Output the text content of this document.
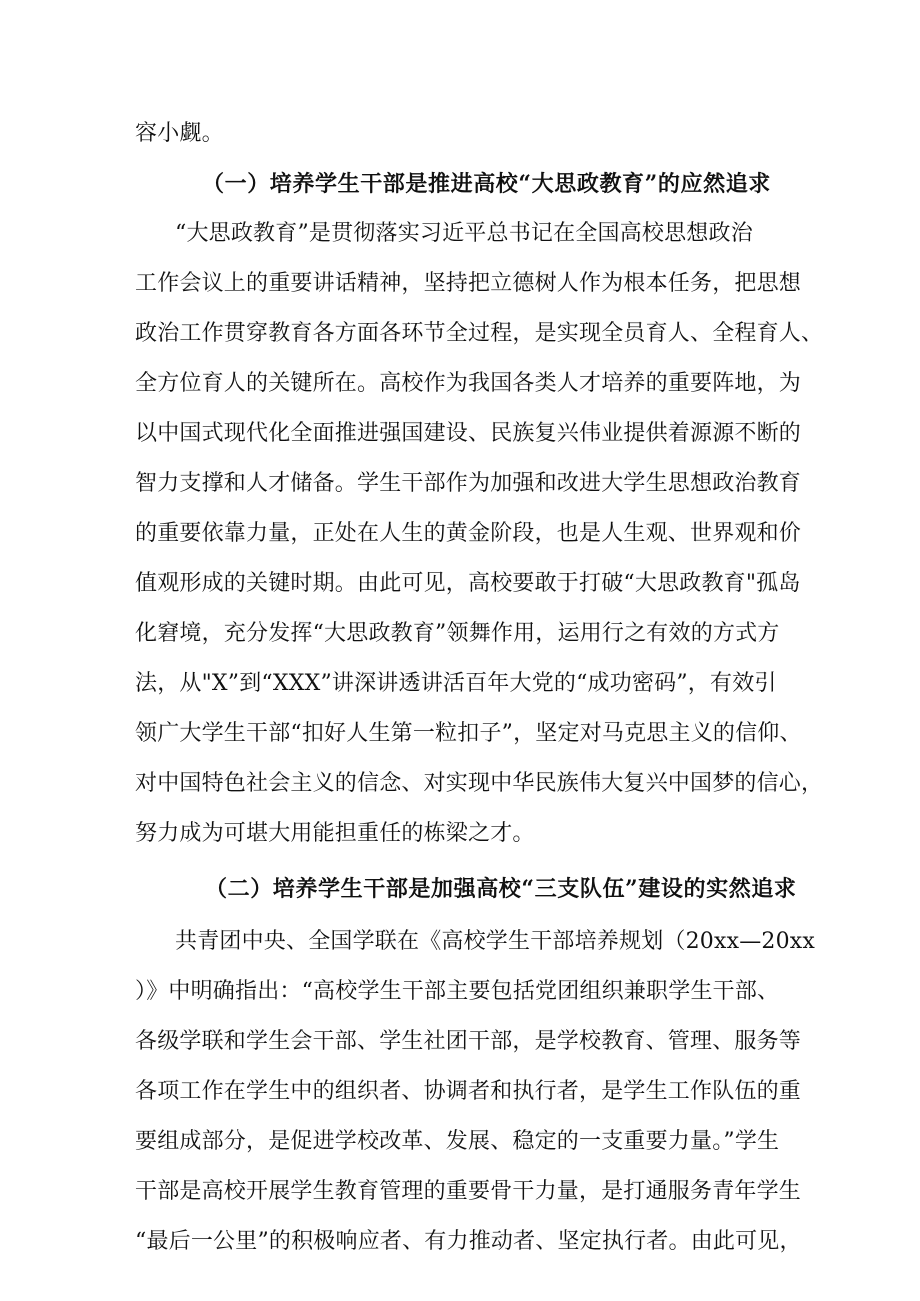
容小觑。
（一）培养学生干部是推进高校“大思政教育”的应然追求
“大思政教育”是贯彻落实习近平总书记在全国高校思想政治
工作会议上的重要讲话精神，坚持把立德树人作为根本任务，把思想
政治工作贯穿教育各方面各环节全过程，是实现全员育人、全程育人、
全方位育人的关键所在。高校作为我国各类人才培养的重要阵地，为
以中国式现代化全面推进强国建设、民族复兴伟业提供着源源不断的
智力支撑和人才储备。学生干部作为加强和改进大学生思想政治教育
的重要依靠力量，正处在人生的黄金阶段，也是人生观、世界观和价
值观形成的关键时期。由此可见，高校要敢于打破“大思政教育"孤岛
化窘境，充分发挥“大思政教育”领舞作用，运用行之有效的方式方
法，从"X”到“XXX”讲深讲透讲活百年大党的“成功密码”，有效引
领广大学生干部“扣好人生第一粒扣子”，坚定对马克思主义的信仰、
对中国特色社会主义的信念、对实现中华民族伟大复兴中国梦的信心，
努力成为可堪大用能担重任的栋梁之才。
（二）培养学生干部是加强高校“三支队伍”建设的实然追求
共青团中央、全国学联在《高校学生干部培养规划（20xx—20xx
）》中明确指出：“高校学生干部主要包括党团组织兼职学生干部、
各级学联和学生会干部、学生社团干部，是学校教育、管理、服务等
各项工作在学生中的组织者、协调者和执行者，是学生工作队伍的重
要组成部分，是促进学校改革、发展、稳定的一支重要力量。”学生
干部是高校开展学生教育管理的重要骨干力量，是打通服务青年学生
“最后一公里”的积极响应者、有力推动者、坚定执行者。由此可见，
